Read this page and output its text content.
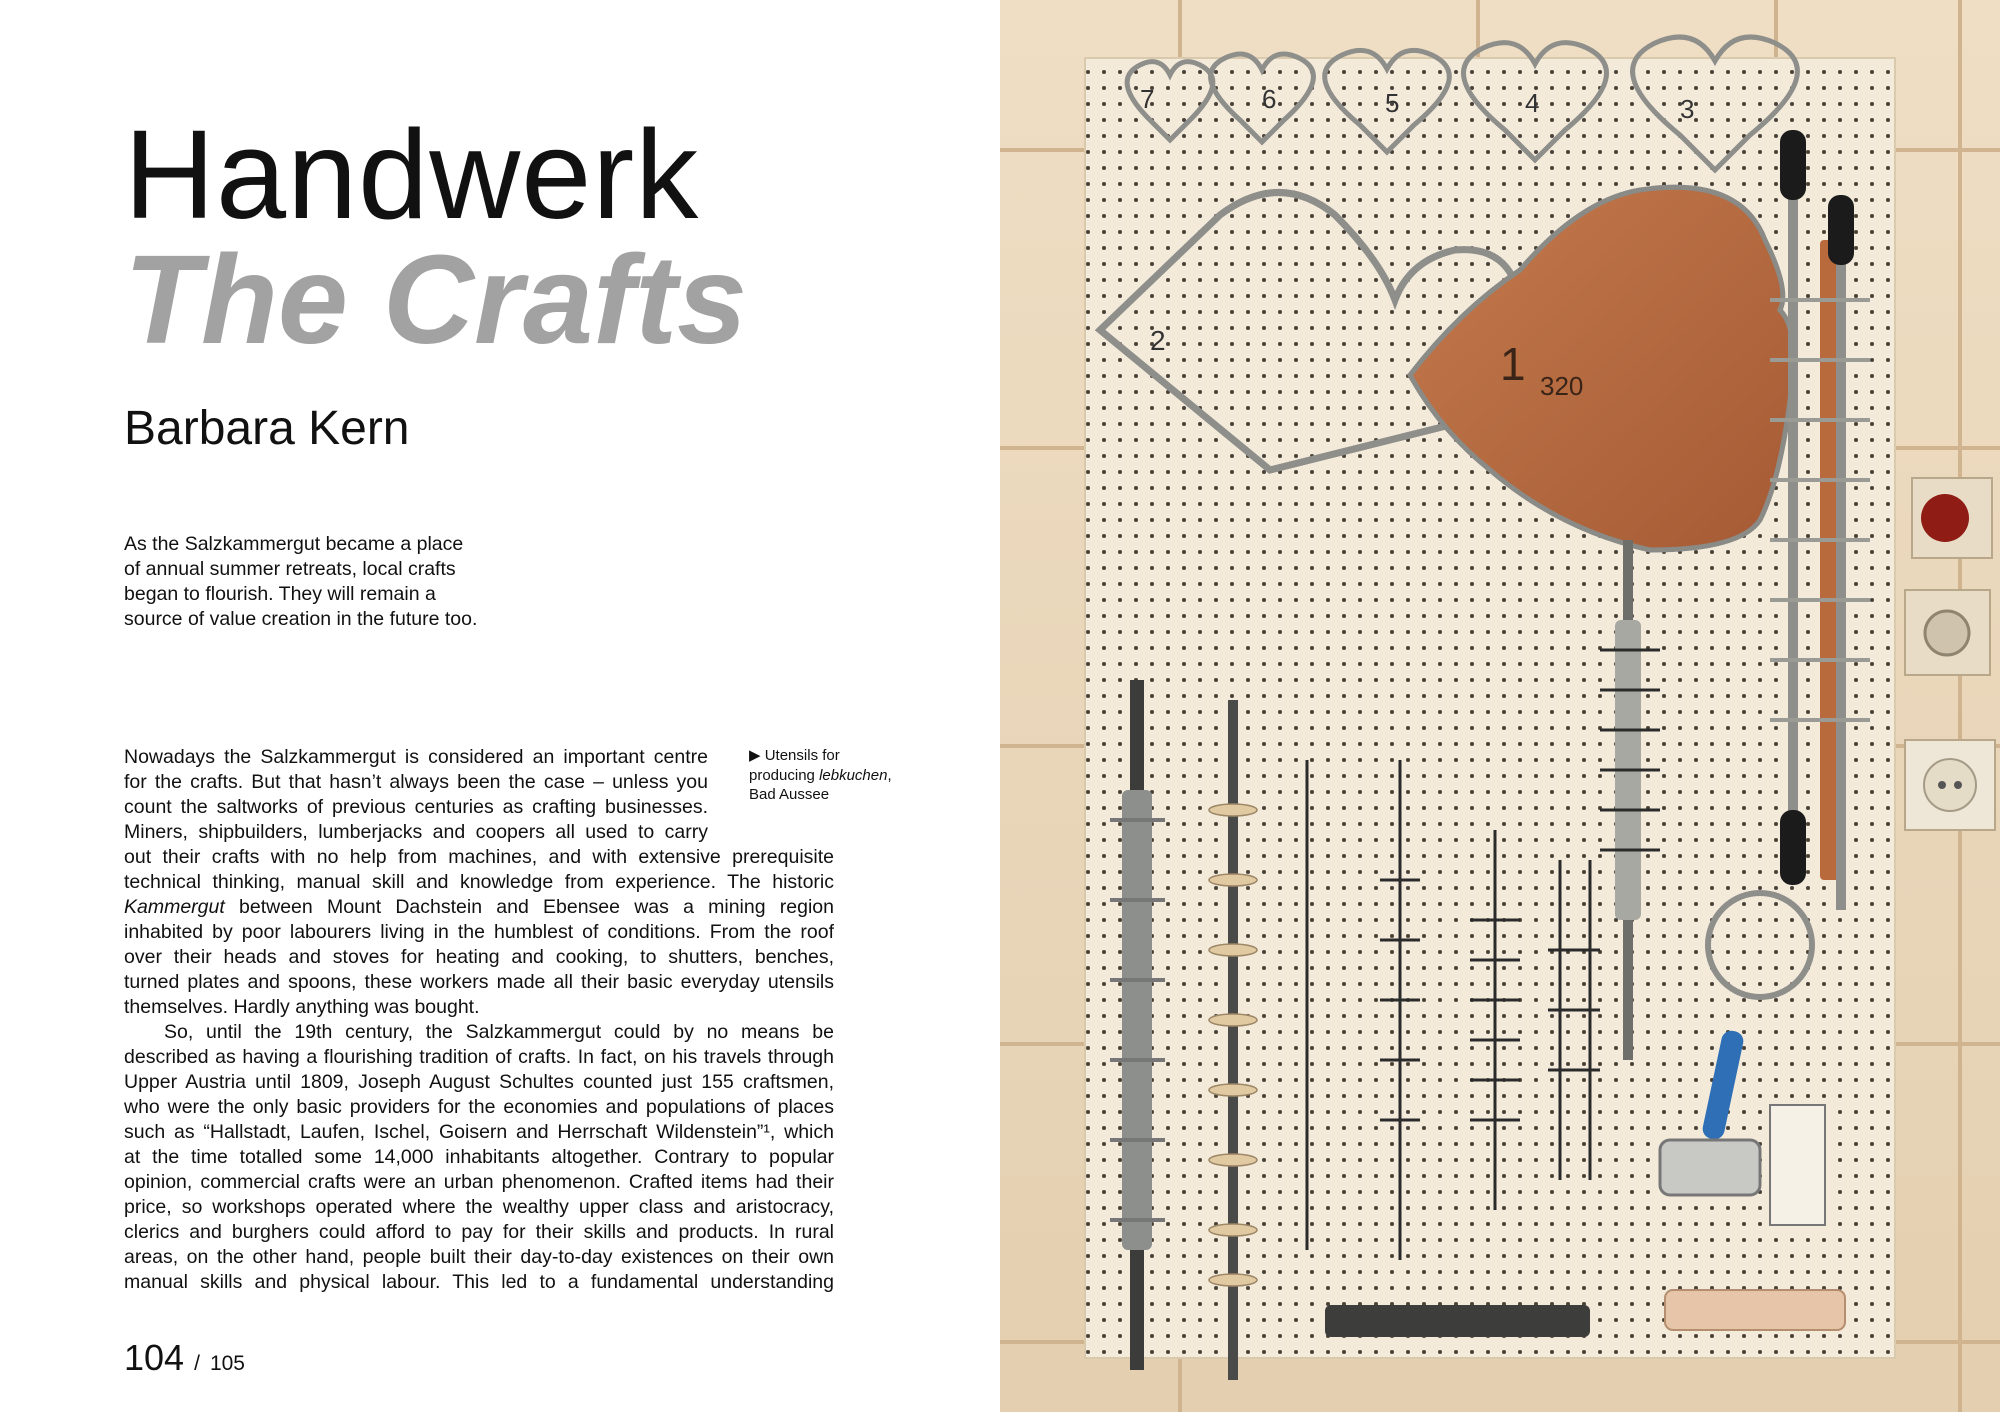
Handwerk
The Crafts
Barbara Kern
As the Salzkammergut became a place
of annual summer retreats, local crafts
began to flourish. They will remain a
source of value creation in the future too.
▶ Utensils for
producing lebkuchen,
Bad Aussee
Nowadays the Salzkammergut is considered an important centre
for the crafts. But that hasn’t always been the case – unless you
count the saltworks of previous centuries as crafting businesses.
Miners, shipbuilders, lumberjacks and coopers all used to carry
out their crafts with no help from machines, and with extensive prerequisite
technical thinking, manual skill and knowledge from experience. The historic
Kammergut between Mount Dachstein and Ebensee was a mining region
inhabited by poor labourers living in the humblest of conditions. From the roof
over their heads and stoves for heating and cooking, to shutters, benches,
turned plates and spoons, these workers made all their basic everyday utensils
themselves. Hardly anything was bought.
So, until the 19th century, the Salzkammergut could by no means be
described as having a flourishing tradition of crafts. In fact, on his travels through
Upper Austria until 1809, Joseph August Schultes counted just 155 craftsmen,
who were the only basic providers for the economies and populations of places
such as “Hallstadt, Laufen, Ischel, Goisern and Herrschaft Wildenstein”¹, which
at the time totalled some 14,000 inhabitants altogether. Contrary to popular
opinion, commercial crafts were an urban phenomenon. Crafted items had their
price, so workshops operated where the wealthy upper class and aristocracy,
clerics and burghers could afford to pay for their skills and products. In rural
areas, on the other hand, people built their day-to-day existences on their own
manual skills and physical labour. This led to a fundamental understanding
104 / 105
7	6	5	4	3
2	1 320
